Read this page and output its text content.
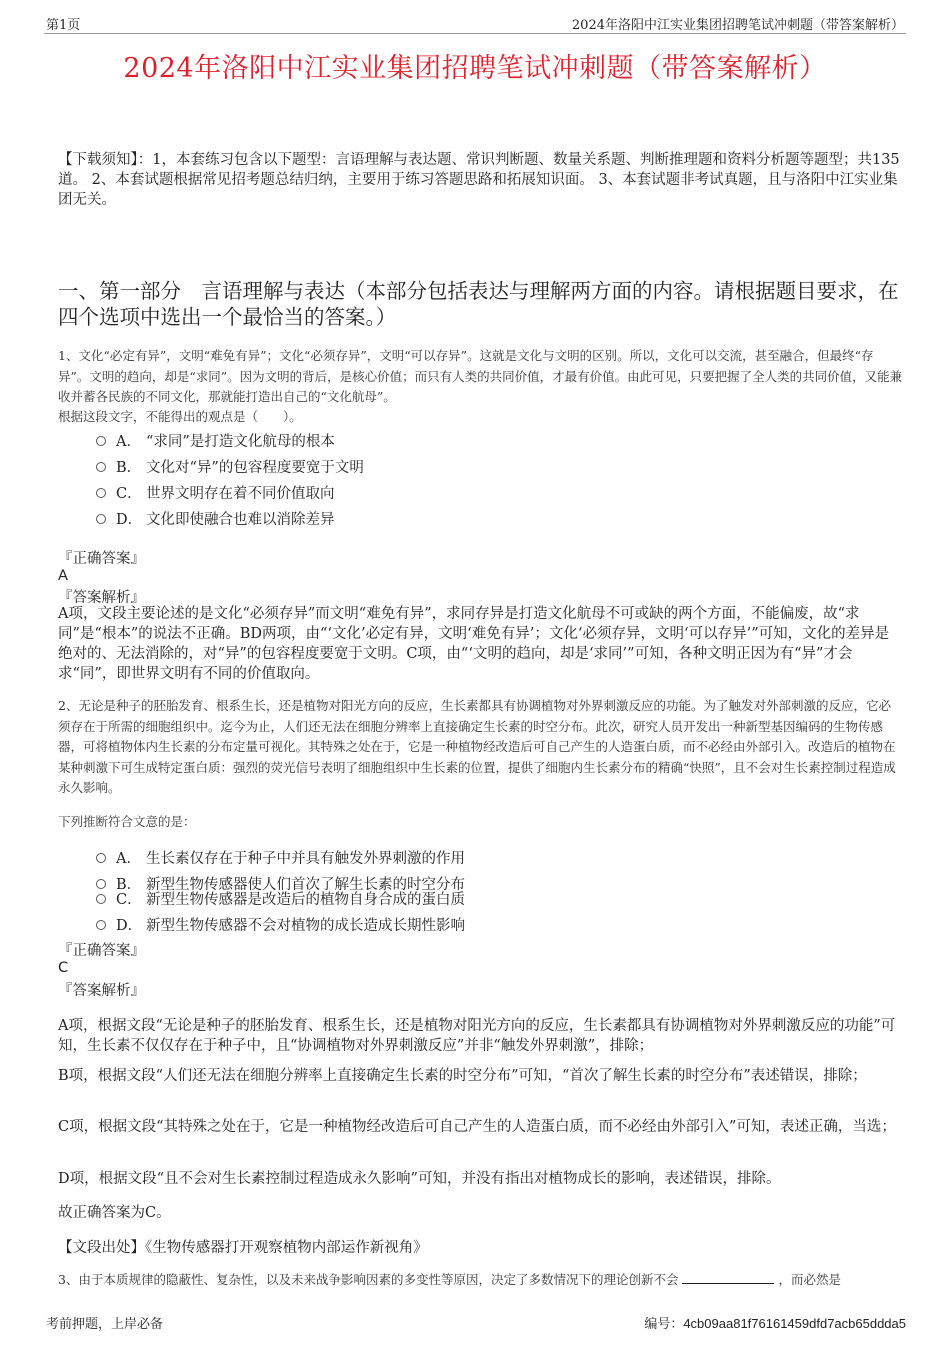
第1页	2024年洛阳中江实业集团招聘笔试冲刺题（带答案解析）
2024年洛阳中江实业集团招聘笔试冲刺题（带答案解析）
【下载须知】：1，本套练习包含以下题型：言语理解与表达题、常识判断题、数量关系题、判断推理题和资料分析题等题型；共135道。 2、本套试题根据常见招考题总结归纳，主要用于练习答题思路和拓展知识面。 3、本套试题非考试真题，且与洛阳中江实业集团无关。
一、第一部分　言语理解与表达（本部分包括表达与理解两方面的内容。请根据题目要求，在四个选项中选出一个最恰当的答案。）
1、文化“必定有异”，文明“难免有异”；文化“必须存异”，文明“可以存异”。这就是文化与文明的区别。所以，文化可以交流，甚至融合，但最终“存异”。文明的趋向，却是“求同”。因为文明的背后，是核心价值；而只有人类的共同价值，才最有价值。由此可见，只要把握了全人类的共同价值，又能兼收并蓄各民族的不同文化，那就能打造出自己的“文化航母”。
根据这段文字，不能得出的观点是（　　）。
A． “求同”是打造文化航母的根本
B． 文化对“异”的包容程度要宽于文明
C． 世界文明存在着不同价值取向
D． 文化即使融合也难以消除差异
『正确答案』
A
『答案解析』
A项，文段主要论述的是文化“必须存异”而文明“难免有异”，求同存异是打造文化航母不可或缺的两个方面，不能偏废，故“求同”是“根本”的说法不正确。BD两项，由“‘文化’必定有异，文明‘难免有异’；文化‘必须存异，文明‘可以存异’”可知，文化的差异是绝对的、无法消除的，对“异”的包容程度要宽于文明。C项，由“‘文明的趋向，却是‘求同’”可知，各种文明正因为有“异”才会求“同”，即世界文明有不同的价值取向。
2、无论是种子的胚胎发育、根系生长，还是植物对阳光方向的反应，生长素都具有协调植物对外界刺激反应的功能。为了触发对外部刺激的反应，它必须存在于所需的细胞组织中。迄今为止，人们还无法在细胞分辨率上直接确定生长素的时空分布。此次，研究人员开发出一种新型基因编码的生物传感器，可将植物体内生长素的分布定量可视化。其特殊之处在于，它是一种植物经改造后可自己产生的人造蛋白质，而不必经由外部引入。改造后的植物在某种刺激下可生成特定蛋白质：强烈的荧光信号表明了细胞组织中生长素的位置，提供了细胞内生长素分布的精确“快照”，且不会对生长素控制过程造成永久影响。
下列推断符合文意的是：
A． 生长素仅存在于种子中并具有触发外界刺激的作用
B． 新型生物传感器使人们首次了解生长素的时空分布
C． 新型生物传感器是改造后的植物自身合成的蛋白质
D． 新型生物传感器不会对植物的成长造成长期性影响
『正确答案』
C
『答案解析』
A项，根据文段“无论是种子的胚胎发育、根系生长，还是植物对阳光方向的反应，生长素都具有协调植物对外界刺激反应的功能”可知，生长素不仅仅存在于种子中，且“协调植物对外界刺激反应”并非“触发外界刺激”，排除；
B项，根据文段“人们还无法在细胞分辨率上直接确定生长素的时空分布”可知，“首次了解生长素的时空分布”表述错误，排除；
C项，根据文段“其特殊之处在于，它是一种植物经改造后可自己产生的人造蛋白质，而不必经由外部引入”可知，表述正确，当选；
D项，根据文段“且不会对生长素控制过程造成永久影响”可知，并没有指出对植物成长的影响，表述错误，排除。
故正确答案为C。
【文段出处】《生物传感器打开观察植物内部运作新视角》
3、由于本质规律的隐蔽性、复杂性，以及未来战争影响因素的多变性等原因，决定了多数情况下的理论创新不会	，而必然是
考前押题，上岸必备	编号：4cb09aa81f76161459dfd7acb65ddda5
